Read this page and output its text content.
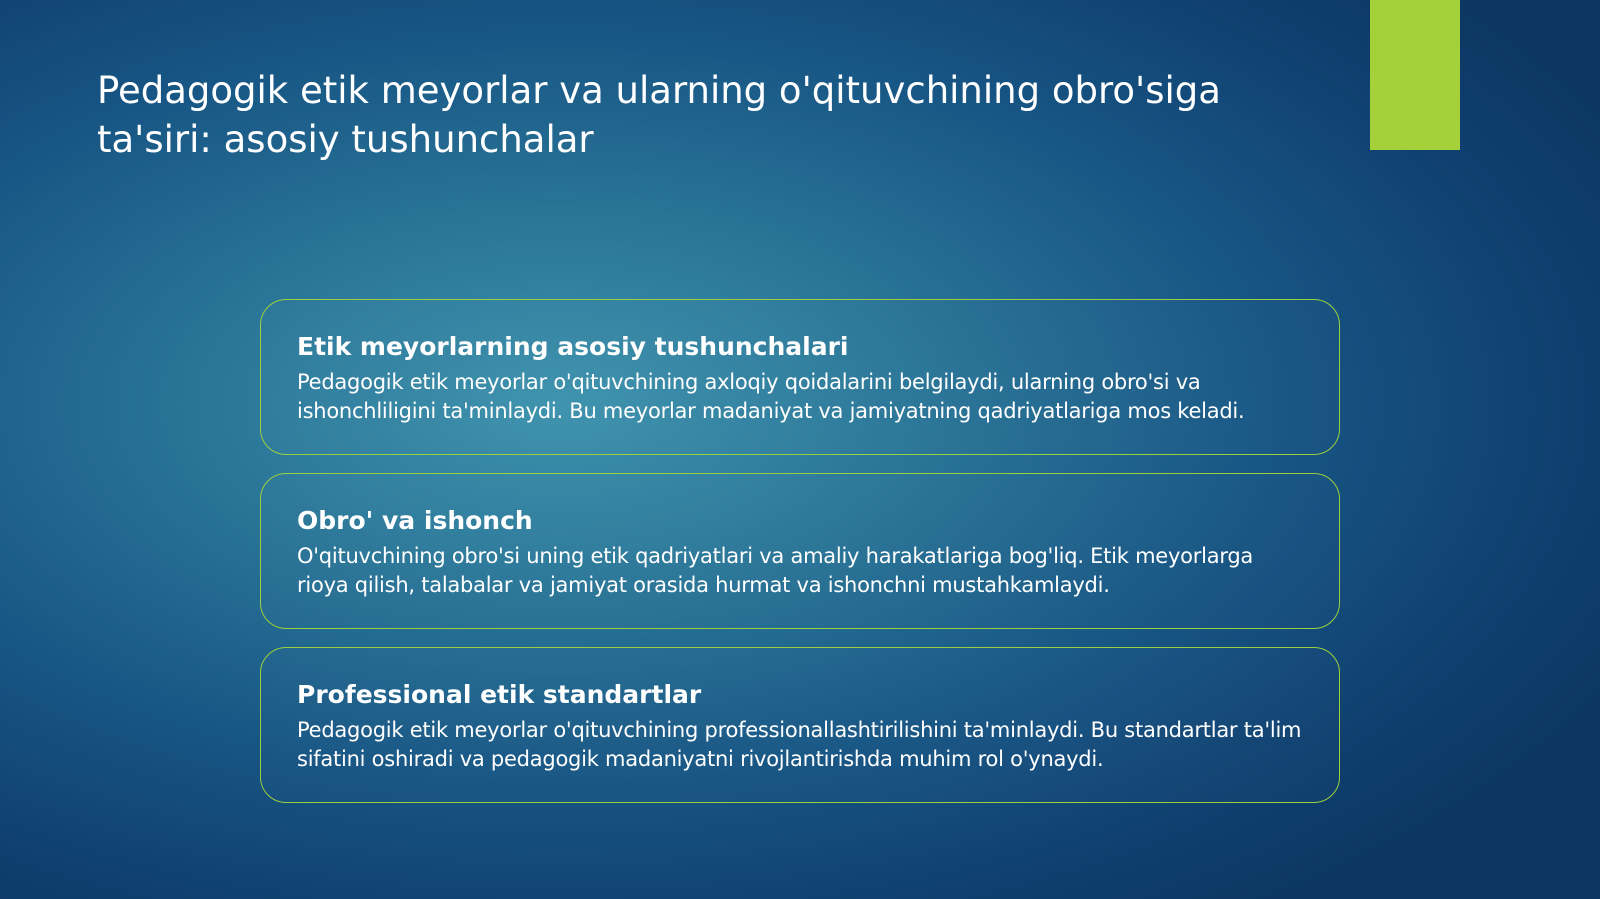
Pedagogik etik meyorlar va ularning o'qituvchining obro'siga ta'siri: asosiy tushunchalar
Etik meyorlarning asosiy tushunchalari

Pedagogik etik meyorlar o'qituvchining axloqiy qoidalarini belgilaydi, ularning obro'si va ishonchliligini ta'minlaydi. Bu meyorlar madaniyat va jamiyatning qadriyatlariga mos keladi.

Obro' va ishonch

O'qituvchining obro'si uning etik qadriyatlari va amaliy harakatlariga bog'liq. Etik meyorlarga rioya qilish, talabalar va jamiyat orasida hurmat va ishonchni mustahkamlaydi.

Professional etik standartlar

Pedagogik etik meyorlar o'qituvchining professionallashtirilishini ta'minlaydi. Bu standartlar ta'lim sifatini oshiradi va pedagogik madaniyatni rivojlantirishda muhim rol o'ynaydi.
